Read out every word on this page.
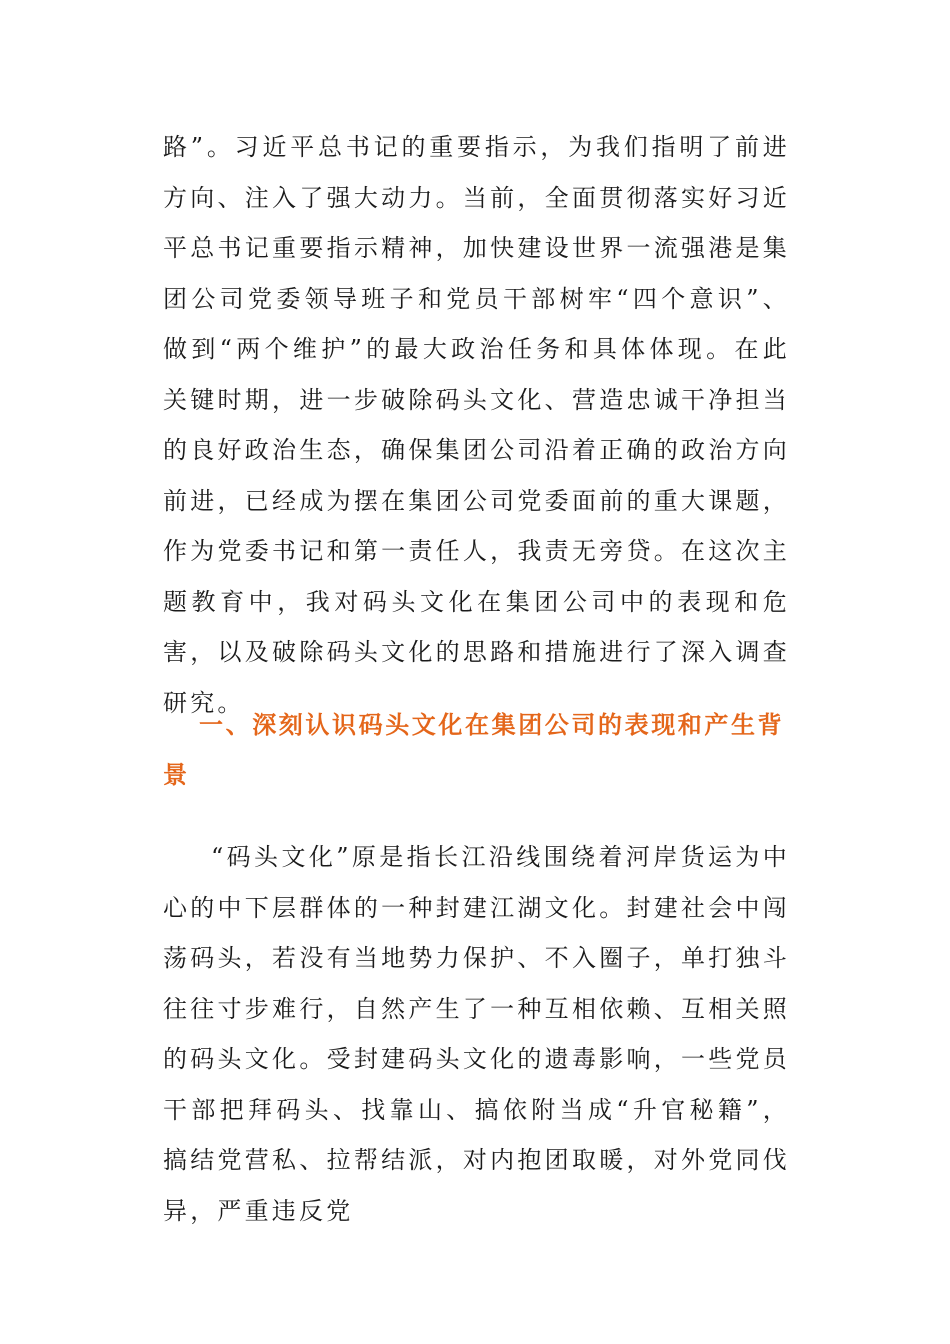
路”。习近平总书记的重要指示，为我们指明了前进方向、注入了强大动力。当前，全面贯彻落实好习近平总书记重要指示精神，加快建设世界一流强港是集团公司党委领导班子和党员干部树牢“四个意识”、做到“两个维护”的最大政治任务和具体体现。在此关键时期，进一步破除码头文化、营造忠诚干净担当的良好政治生态，确保集团公司沿着正确的政治方向前进，已经成为摆在集团公司党委面前的重大课题，作为党委书记和第一责任人，我责无旁贷。在这次主题教育中，我对码头文化在集团公司中的表现和危害，以及破除码头文化的思路和措施进行了深入调查研究。
一、深刻认识码头文化在集团公司的表现和产生背景
“码头文化”原是指长江沿线围绕着河岸货运为中心的中下层群体的一种封建江湖文化。封建社会中闯荡码头，若没有当地势力保护、不入圈子，单打独斗往往寸步难行，自然产生了一种互相依赖、互相关照的码头文化。受封建码头文化的遗毒影响，一些党员干部把拜码头、找靠山、搞依附当成“升官秘籍”，搞结党营私、拉帮结派，对内抱团取暖，对外党同伐异，严重违反党
